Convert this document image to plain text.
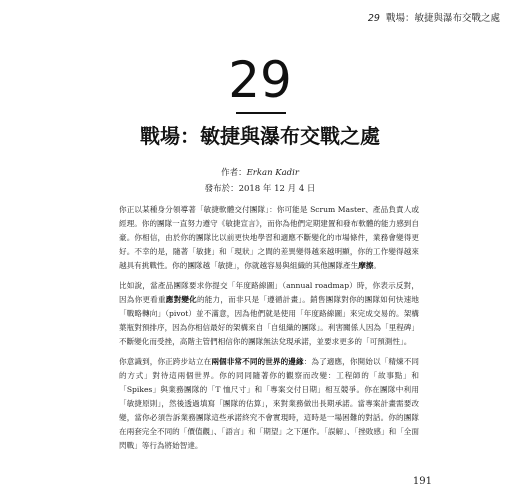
29 戰場：敏捷與瀑布交戰之處
29
戰場：敏捷與瀑布交戰之處
作者：Erkan Kadir
發布於：2018 年 12 月 4 日

你正以某種身分領導著「敏捷軟體交付團隊」：你可能是 Scrum Master、產品負責人或經理。你的團隊一直努力遵守《敏捷宣言》，而你為他們定期建置和發布軟體的能力感到自豪。你相信，由於你的團隊比以前更快地學習和適應不斷變化的市場條件，業務會變得更好。不幸的是，隨著「敏捷」和「現狀」之間的差異變得越來越明顯，你的工作變得越來越具有挑戰性。你的團隊越「敏捷」，你就越容易與組織的其他團隊產生摩擦。

比如說，當產品團隊要求你提交「年度路線圖」（annual roadmap）時，你表示反對，因為你更看重應對變化的能力，而非只是「遵循計畫」。銷售團隊對你的團隊如何快速地「戰略轉向」（pivot）並不滿意，因為他們就是使用「年度路線圖」來完成交易的。架構葉瓶對預排序，因為你相信最好的架構來自「自組織的團隊」。利害關係人因為「里程碑」不斷變化而受挫，高階主管們相信你的團隊無法兌現承諾，並要求更多的「可預測性」。

你意識到，你正跨步站立在兩個非常不同的世界的邊緣：為了適應，你開始以「精煉不同的方式」對待這兩個世界。你的同同隨著你的觀察而改變：工程師的「故事點」和「Spikes」與業務團隊的「T 恤尺寸」和「專案交付日期」相互競爭。你在團隊中利用「敏捷原則」，然後透過填寫「團隊的估算」，來對業務做出長期承諾。當專案計畫需要改變，當你必須告訴業務團隊這些承諾終究不會實現時，這時是一場困難的對話。你的團隊在兩套完全不同的「價值觀」、「語言」和「期望」之下運作。「誤解」、「挫敗感」和「全面閃戰」等行為將始智達。

191
